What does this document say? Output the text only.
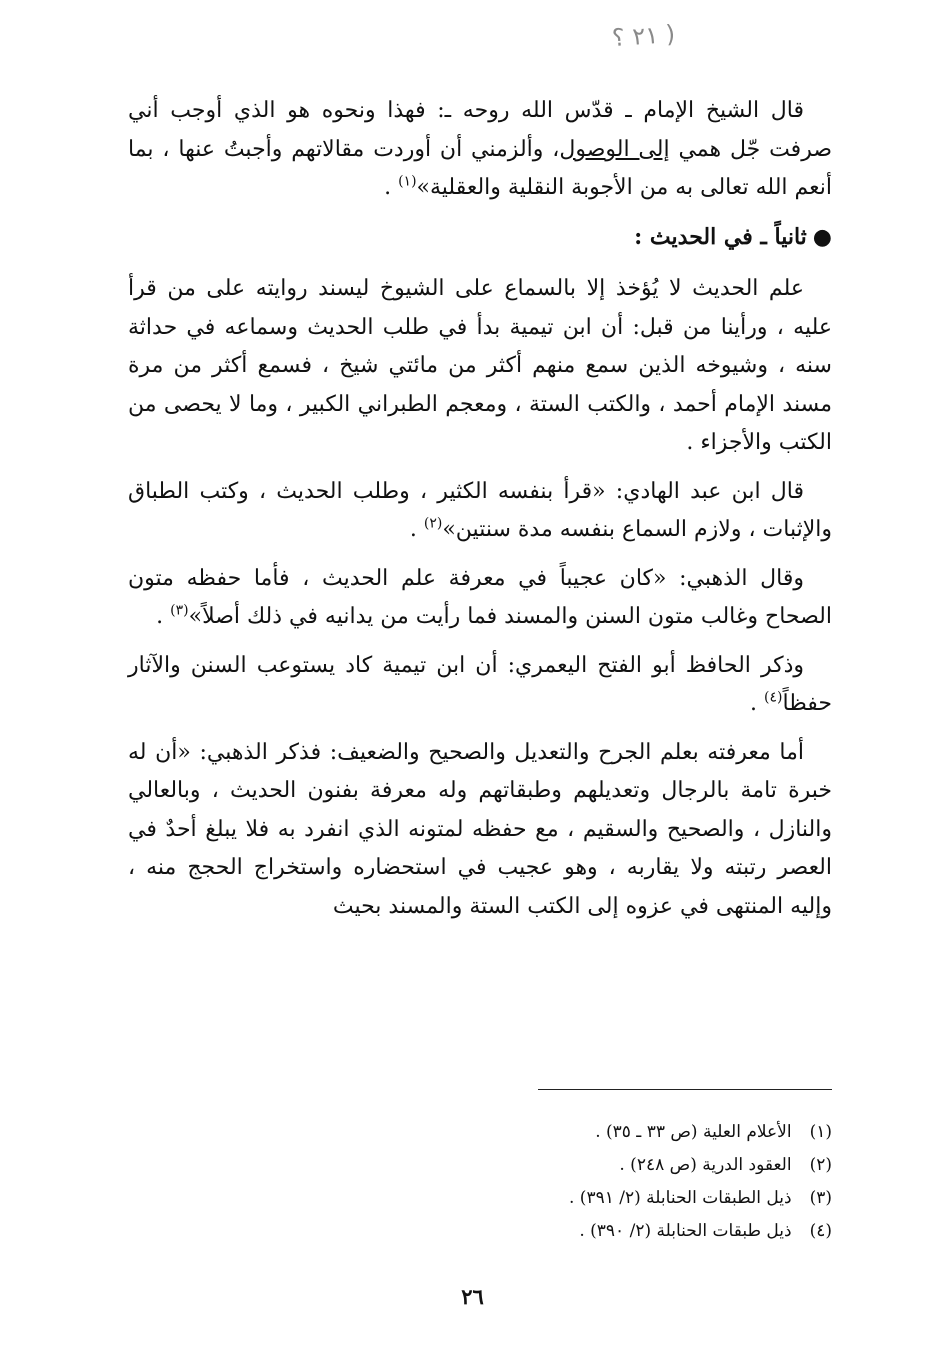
( ٢١ ؟

قال الشيخ الإمام ـ قدّس الله روحه ـ: فهذا ونحوه هو الذي أوجب أني صرفت جّل همي إلى الوصول، وألزمني أن أوردت مقالاتهم وأجبتُ عنها ، بما أنعم الله تعالى به من الأجوبة النقلية والعقلية»$^{(١)}$ .

●ثانياً ـ في الحديث :

علم الحديث لا يُؤخذ إلا بالسماع على الشيوخ ليسند روايته على من قرأ عليه ، ورأينا من قبل: أن ابن تيمية بدأ في طلب الحديث وسماعه في حداثة سنه ، وشيوخه الذين سمع منهم أكثر من مائتي شيخ ، فسمع أكثر من مرة مسند الإمام أحمد ، والكتب الستة ، ومعجم الطبراني الكبير ، وما لا يحصى من الكتب والأجزاء .

قال ابن عبد الهادي: «قرأ بنفسه الكثير ، وطلب الحديث ، وكتب الطباق والإثبات ، ولازم السماع بنفسه مدة سنتين»$^{(٢)}$ .

وقال الذهبي: «كان عجيباً في معرفة علم الحديث ، فأما حفظه متون الصحاح وغالب متون السنن والمسند فما رأيت من يدانيه في ذلك أصلاً»$^{(٣)}$ .

وذكر الحافظ أبو الفتح اليعمري: أن ابن تيمية كاد يستوعب السنن والآثار حفظاً$^{(٤)}$ .

أما معرفته بعلم الجرح والتعديل والصحيح والضعيف: فذكر الذهبي: «أن له خبرة تامة بالرجال وتعديلهم وطبقاتهم وله معرفة بفنون الحديث ، وبالعالي والنازل ، والصحيح والسقيم ، مع حفظه لمتونه الذي انفرد به فلا يبلغ أحدٌ في العصر رتبته ولا يقاربه ، وهو عجيب في استحضاره واستخراج الحجج منه ، وإليه المنتهى في عزوه إلى الكتب الستة والمسند بحيث

(١)الأعلام العلية (ص ٣٣ ـ ٣٥) .
(٢)العقود الدرية (ص ٢٤٨) .
(٣)ذيل الطبقات الحنابلة (٢/ ٣٩١) .
(٤)ذيل طبقات الحنابلة (٢/ ٣٩٠) .
٢٦
